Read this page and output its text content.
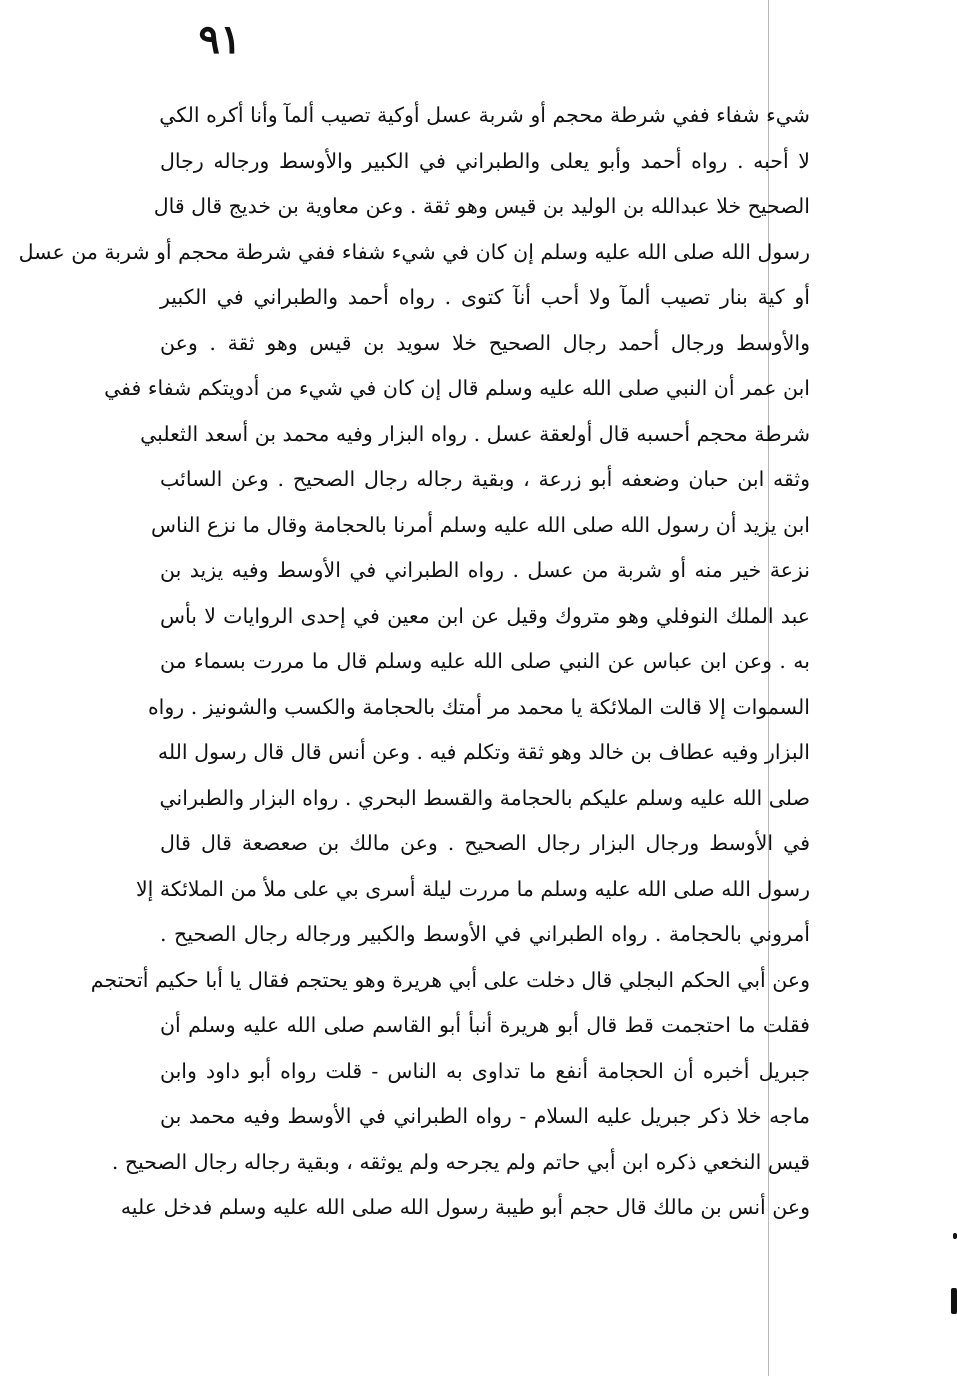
٩١
شيء شفاء ففي شرطة محجم أو شربة عسل أوكية تصيب ألمآ وأنا أكره الكي
لا أحبه . رواه أحمد وأبو يعلى والطبراني في الكبير والأوسط ورجاله رجال
الصحيح خلا عبدالله بن الوليد بن قيس وهو ثقة . وعن معاوية بن خديج قال قال
رسول الله صلى الله عليه وسلم إن كان في شيء شفاء ففي شرطة محجم أو شربة من عسل
أو كية بنار تصيب ألمآ ولا أحب أنآ كتوى . رواه أحمد والطبراني في الكبير
والأوسط ورجال أحمد رجال الصحيح خلا سويد بن قيس وهو ثقة . وعن
ابن عمر أن النبي صلى الله عليه وسلم قال إن كان في شيء من أدويتكم شفاء ففي
شرطة محجم أحسبه قال أولعقة عسل . رواه البزار وفيه محمد بن أسعد الثعلبي
وثقه ابن حبان وضعفه أبو زرعة ، وبقية رجاله رجال الصحيح . وعن السائب
ابن يزيد أن رسول الله صلى الله عليه وسلم أمرنا بالحجامة وقال ما نزع الناس
نزعة خير منه أو شربة من عسل . رواه الطبراني في الأوسط وفيه يزيد بن
عبد الملك النوفلي وهو متروك وقيل عن ابن معين في إحدى الروايات لا بأس
به . وعن ابن عباس عن النبي صلى الله عليه وسلم قال ما مررت بسماء من
السموات إلا قالت الملائكة يا محمد مر أمتك بالحجامة والكسب والشونيز . رواه
البزار وفيه عطاف بن خالد وهو ثقة وتكلم فيه . وعن أنس قال قال رسول الله
صلى الله عليه وسلم عليكم بالحجامة والقسط البحري . رواه البزار والطبراني
في الأوسط ورجال البزار رجال الصحيح . وعن مالك بن صعصعة قال قال
رسول الله صلى الله عليه وسلم ما مررت ليلة أسرى بي على ملأ من الملائكة إلا
أمروني بالحجامة . رواه الطبراني في الأوسط والكبير ورجاله رجال الصحيح .
وعن أبي الحكم البجلي قال دخلت على أبي هريرة وهو يحتجم فقال يا أبا حكيم أتحتجم
فقلت ما احتجمت قط قال أبو هريرة أنبأ أبو القاسم صلى الله عليه وسلم أن
جبريل أخبره أن الحجامة أنفع ما تداوى به الناس - قلت رواه أبو داود وابن
ماجه خلا ذكر جبريل عليه السلام - رواه الطبراني في الأوسط وفيه محمد بن
قيس النخعي ذكره ابن أبي حاتم ولم يجرحه ولم يوثقه ، وبقية رجاله رجال الصحيح .
وعن أنس بن مالك قال حجم أبو طيبة رسول الله صلى الله عليه وسلم فدخل عليه
